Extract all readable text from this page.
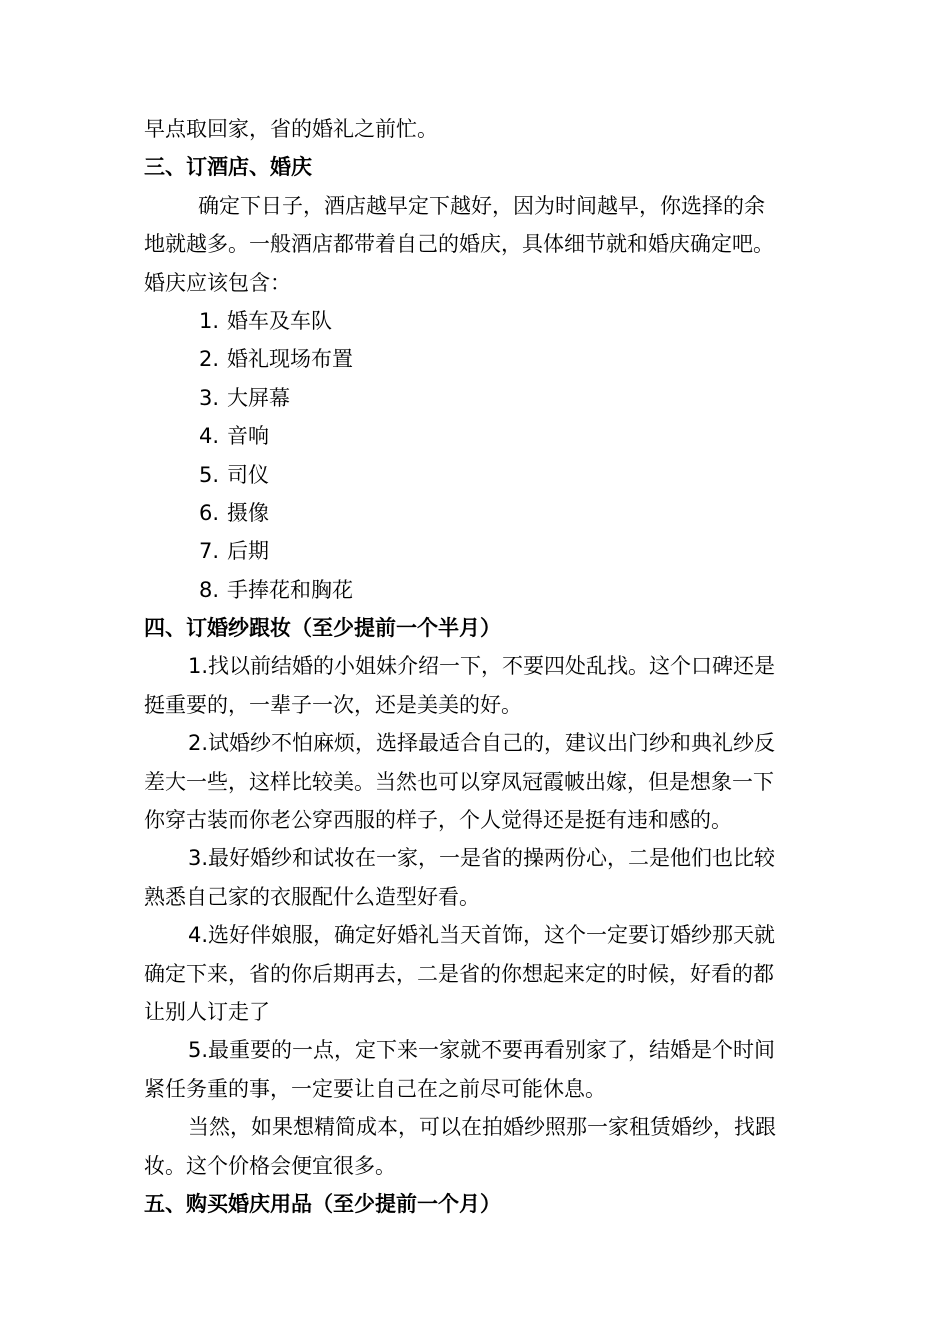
早点取回家，省的婚礼之前忙。
三、订酒店、婚庆
确定下日子，酒店越早定下越好，因为时间越早，你选择的余
地就越多。一般酒店都带着自己的婚庆，具体细节就和婚庆确定吧。
婚庆应该包含：
1. 婚车及车队
2. 婚礼现场布置
3. 大屏幕
4. 音响
5. 司仪
6. 摄像
7. 后期
8. 手捧花和胸花
四、订婚纱跟妆（至少提前一个半月）
1.找以前结婚的小姐妹介绍一下，不要四处乱找。这个口碑还是
挺重要的，一辈子一次，还是美美的好。
2.试婚纱不怕麻烦，选择最适合自己的，建议出门纱和典礼纱反
差大一些，这样比较美。当然也可以穿凤冠霞帔出嫁，但是想象一下
你穿古装而你老公穿西服的样子，个人觉得还是挺有违和感的。
3.最好婚纱和试妆在一家，一是省的操两份心，二是他们也比较
熟悉自己家的衣服配什么造型好看。
4.选好伴娘服，确定好婚礼当天首饰，这个一定要订婚纱那天就
确定下来，省的你后期再去，二是省的你想起来定的时候，好看的都
让别人订走了
5.最重要的一点，定下来一家就不要再看别家了，结婚是个时间
紧任务重的事，一定要让自己在之前尽可能休息。
当然，如果想精简成本，可以在拍婚纱照那一家租赁婚纱，找跟
妆。这个价格会便宜很多。
五、购买婚庆用品（至少提前一个月）
